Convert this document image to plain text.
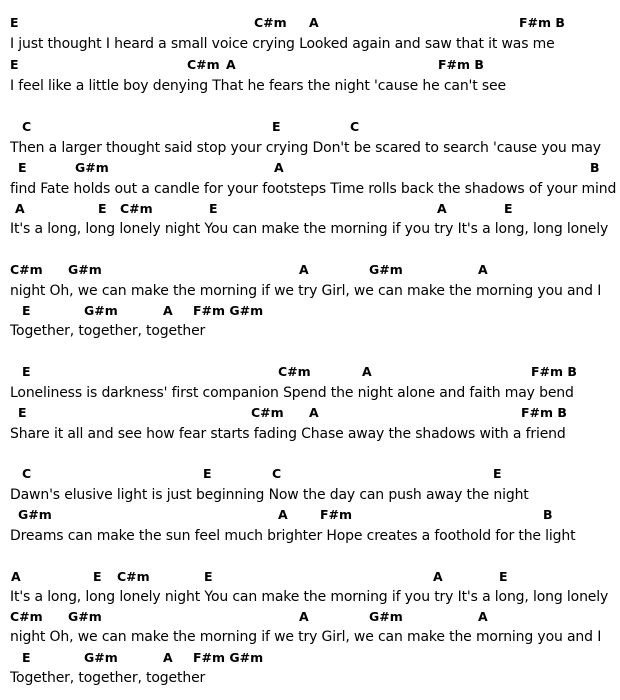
E	C#m A	F#m B
I just thought I heard a small voice crying Looked again and saw that it was me
E	C#m A	F#m B
I feel like a little boy denying That he fears the night 'cause he can't see
C	E	C
Then a larger thought said stop your crying Don't be scared to search 'cause you may
E	G#m	A	B
find Fate holds out a candle for your footsteps Time rolls back the shadows of your mind
A	E C#m	E	A	E
It's a long, long lonely night You can make the morning if you try It's a long, long lonely
C#m G#m	A	G#m	A
night Oh, we can make the morning if we try Girl, we can make the morning you and I
E	G#m	A F#m G#m
Together, together, together
E	C#m	A	F#m B
Loneliness is darkness' first companion Spend the night alone and faith may bend
E	C#m A	F#m B
Share it all and see how fear starts fading Chase away the shadows with a friend
C	E	C	E
Dawn's elusive light is just beginning Now the day can push away the night
G#m	A	F#m	B
Dreams can make the sun feel much brighter Hope creates a foothold for the light
A	E C#m	E	A	E
It's a long, long lonely night You can make the morning if you try It's a long, long lonely
C#m G#m	A	G#m	A
night Oh, we can make the morning if we try Girl, we can make the morning you and I
E	G#m	A F#m G#m
Together, together, together
